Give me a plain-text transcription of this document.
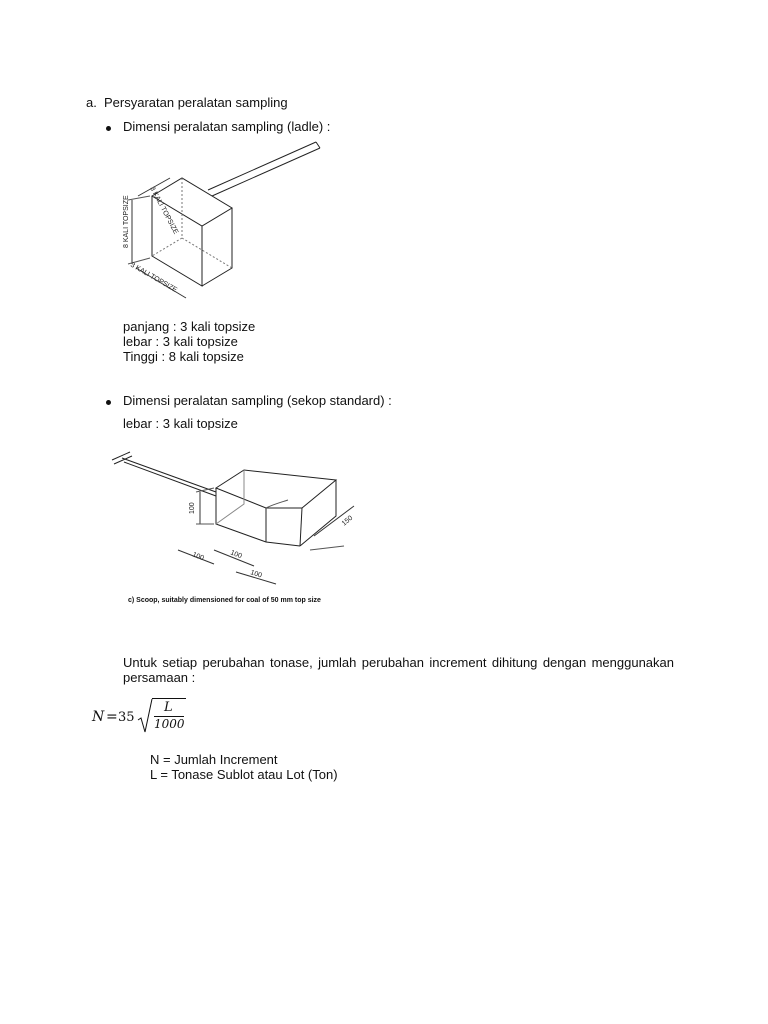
a. Persyaratan peralatan sampling
Dimensi peralatan sampling (ladle) :
8 KALI TOPSIZE	3 KALI TOPSIZE
3 KALI TOPSIZE
panjang : 3 kali topsize
lebar : 3 kali topsize
Tinggi : 8 kali topsize
Dimensi peralatan sampling (sekop standard) :
lebar : 3 kali topsize
100
100	100
100
150
c) Scoop, suitably dimensioned for coal of 50 mm top size
Untuk setiap perubahan tonase, jumlah perubahan increment dihitung dengan menggunakan persamaan :
N = 35
L
1000
N = Jumlah Increment
L = Tonase Sublot atau Lot (Ton)
